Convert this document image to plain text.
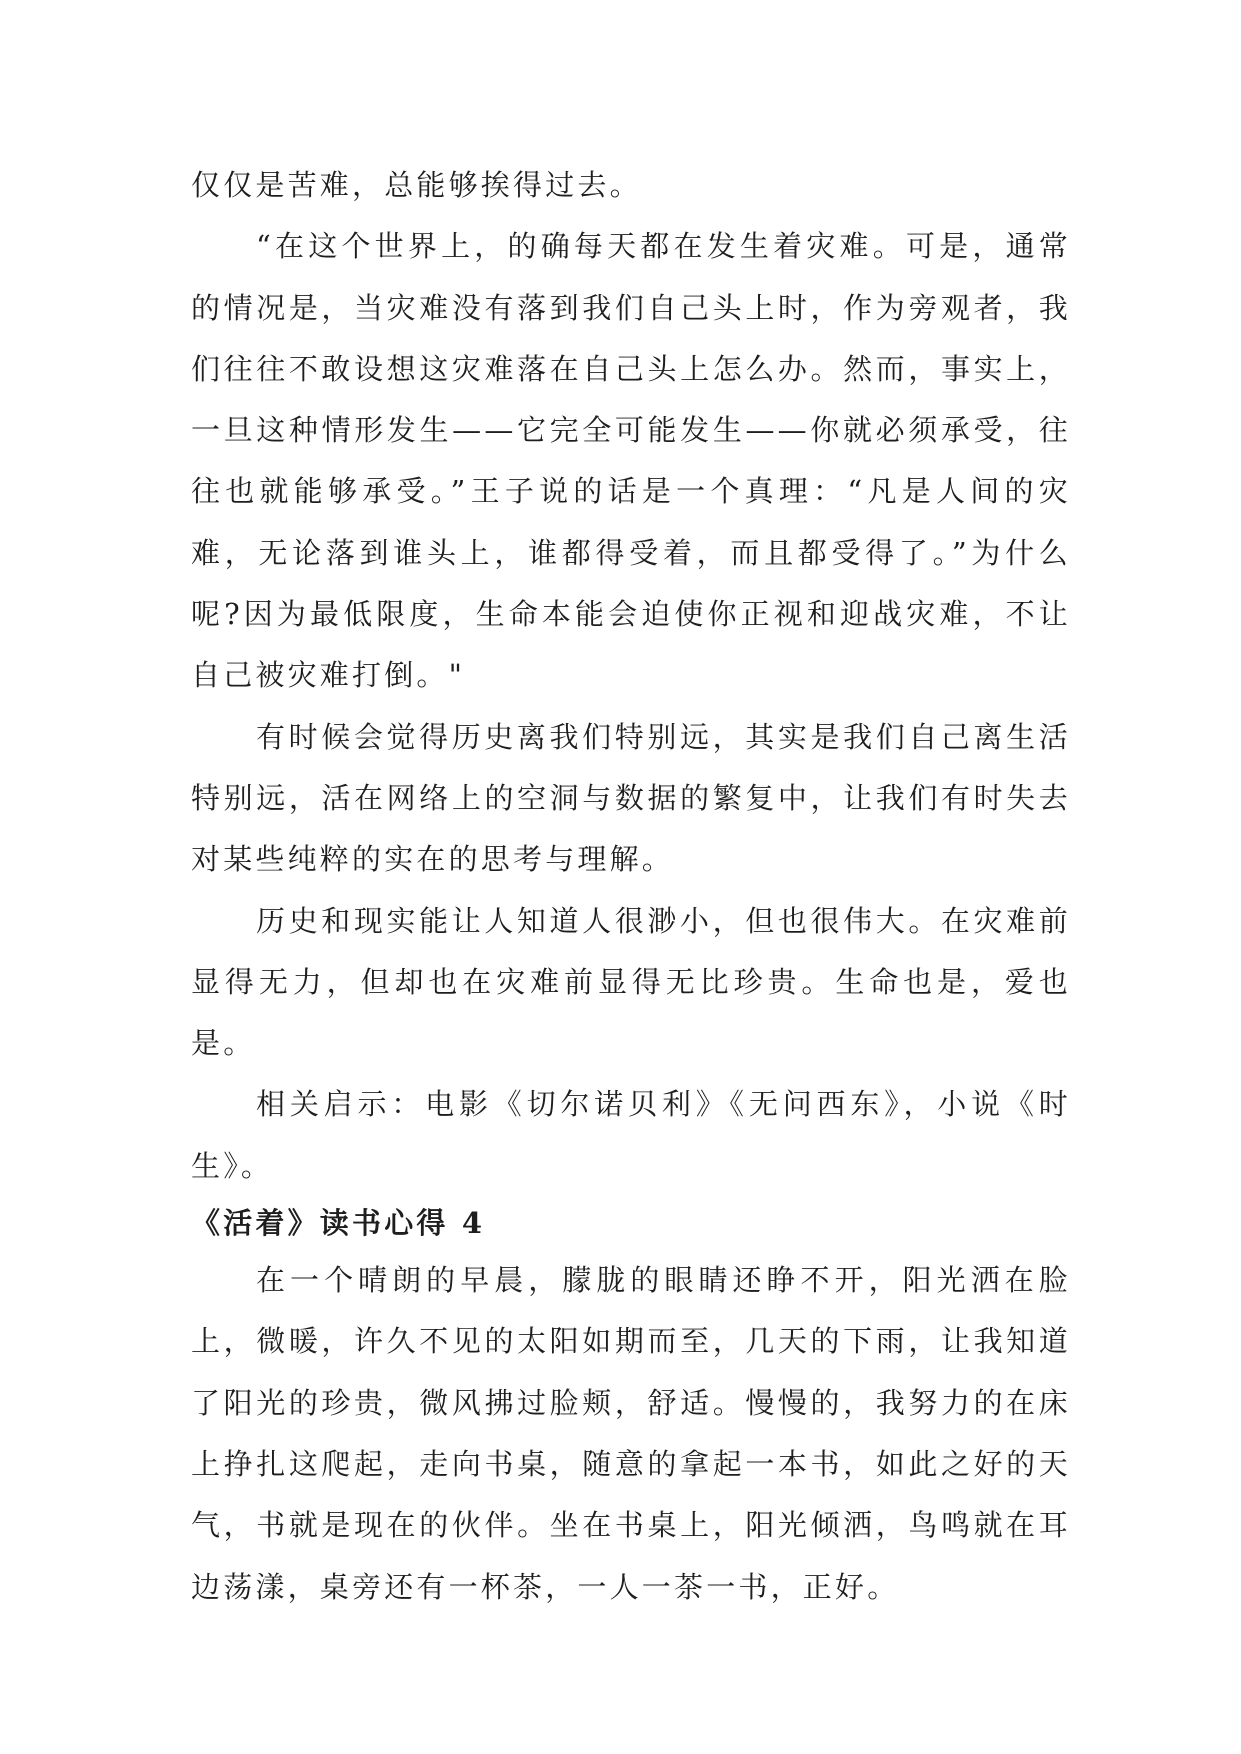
仅仅是苦难，总能够挨得过去。

“在这个世界上，的确每天都在发生着灾难。可是，通常的情况是，当灾难没有落到我们自己头上时，作为旁观者，我们往往不敢设想这灾难落在自己头上怎么办。然而，事实上，一旦这种情形发生——它完全可能发生——你就必须承受，往往也就能够承受。”王子说的话是一个真理：“凡是人间的灾难，无论落到谁头上，谁都得受着，而且都受得了。”为什么呢?因为最低限度，生命本能会迫使你正视和迎战灾难，不让自己被灾难打倒。"

有时候会觉得历史离我们特别远，其实是我们自己离生活特别远，活在网络上的空洞与数据的繁复中，让我们有时失去对某些纯粹的实在的思考与理解。

历史和现实能让人知道人很渺小，但也很伟大。在灾难前显得无力，但却也在灾难前显得无比珍贵。生命也是，爱也是。

相关启示：电影《切尔诺贝利》《无问西东》，小说《时生》。

《活着》读书心得 4

在一个晴朗的早晨，朦胧的眼睛还睁不开，阳光洒在脸上，微暖，许久不见的太阳如期而至，几天的下雨，让我知道了阳光的珍贵，微风拂过脸颊，舒适。慢慢的，我努力的在床上挣扎这爬起，走向书桌，随意的拿起一本书，如此之好的天气，书就是现在的伙伴。坐在书桌上，阳光倾洒，鸟鸣就在耳边荡漾，桌旁还有一杯茶，一人一茶一书，正好。
